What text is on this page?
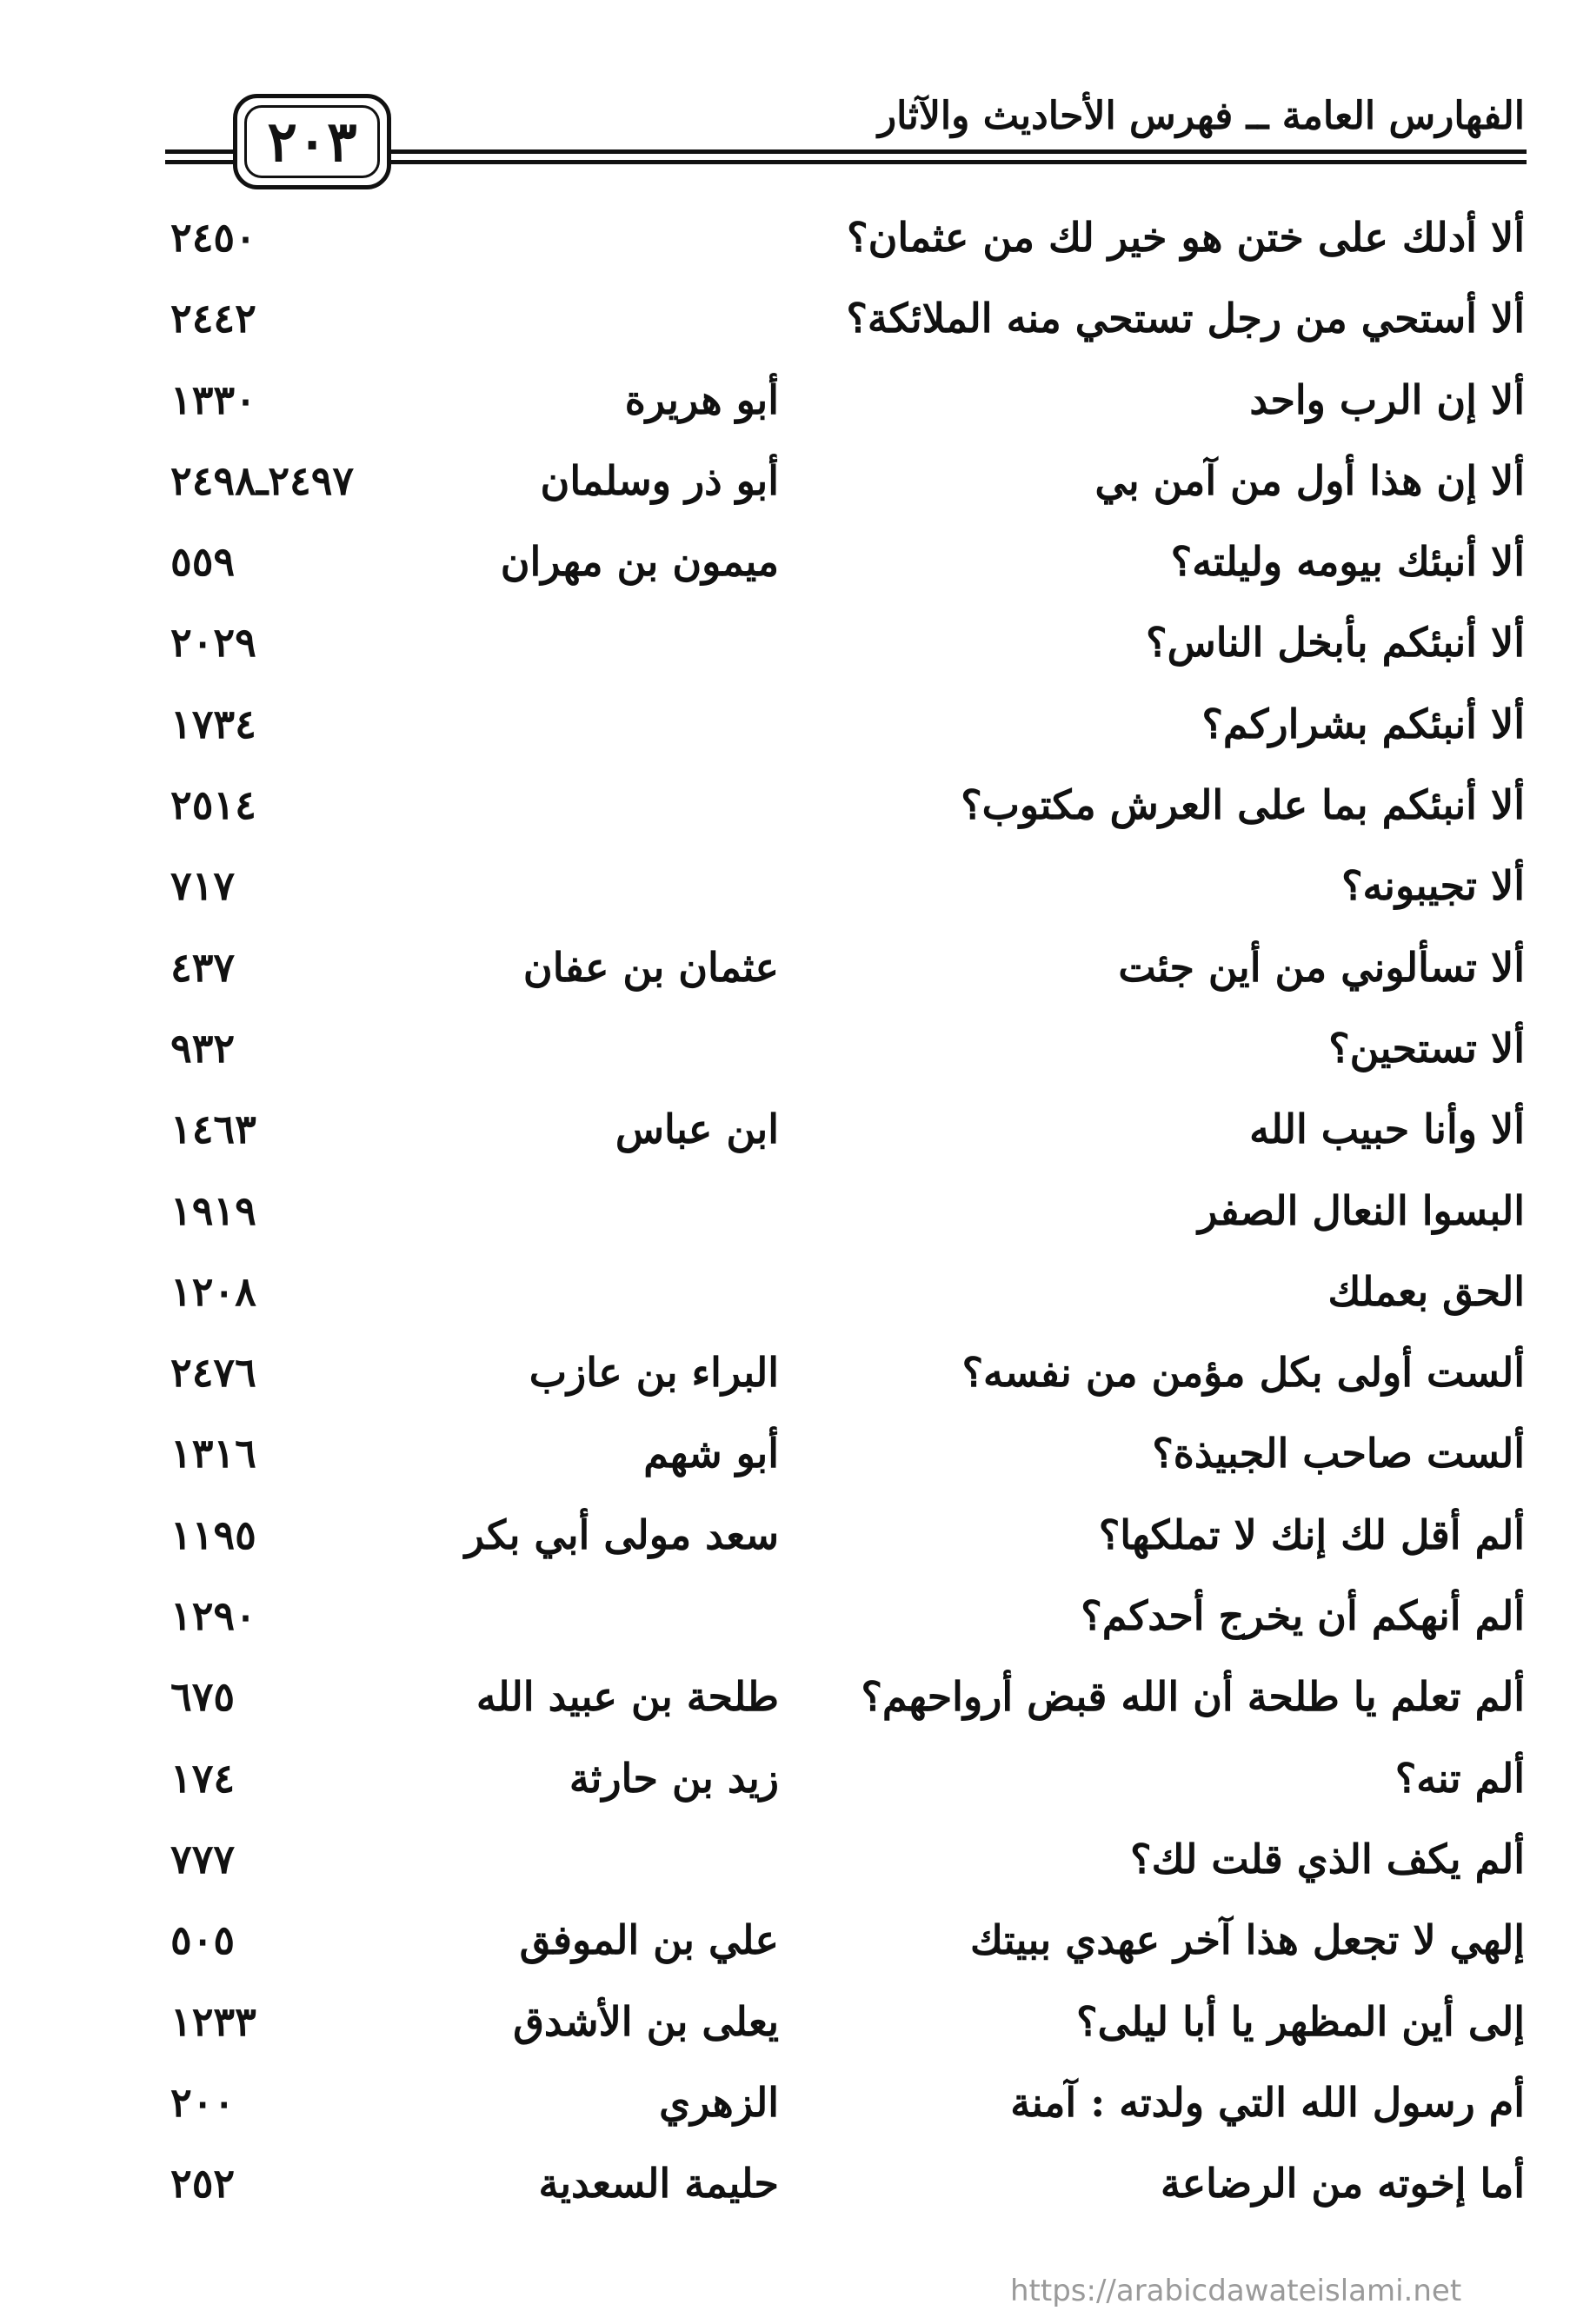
٢٠٣	الفهارس العامة ــ فهرس الأحاديث والآثار
ألا أدلك على ختن هو خير لك من عثمان؟
٢٤٥٠
ألا أستحي من رجل تستحي منه الملائكة؟
٢٤٤٢
ألا إن الرب واحد
أبو هريرة
١٣٣٠
ألا إن هذا أول من آمن بي
أبو ذر وسلمان
٢٤٩٧ـ٢٤٩٨
ألا أنبئك بيومه وليلته؟
ميمون بن مهران
٥٥٩
ألا أنبئكم بأبخل الناس؟
٢٠٢٩
ألا أنبئكم بشراركم؟
١٧٣٤
ألا أنبئكم بما على العرش مكتوب؟
٢٥١٤
ألا تجيبونه؟
٧١٧
ألا تسألوني من أين جئت
عثمان بن عفان
٤٣٧
ألا تستحين؟
٩٣٢
ألا وأنا حبيب الله
ابن عباس
١٤٦٣
البسوا النعال الصفر
١٩١٩
الحق بعملك
١٢٠٨
ألست أولى بكل مؤمن من نفسه؟
البراء بن عازب
٢٤٧٦
ألست صاحب الجبيذة؟
أبو شهم
١٣١٦
ألم أقل لك إنك لا تملكها؟
سعد مولى أبي بكر
١١٩٥
ألم أنهكم أن يخرج أحدكم؟
١٢٩٠
ألم تعلم يا طلحة أن الله قبض أرواحهم؟
طلحة بن عبيد الله
٦٧٥
ألم تنه؟
زيد بن حارثة
١٧٤
ألم يكف الذي قلت لك؟
٧٧٧
إلهي لا تجعل هذا آخر عهدي ببيتك
علي بن الموفق
٥٠٥
إلى أين المظهر يا أبا ليلى؟
يعلى بن الأشدق
١٢٣٣
أم رسول الله التي ولدته : آمنة
الزهري
٢٠٠
أما إخوته من الرضاعة
حليمة السعدية
٢٥٢
https://arabicdawateislami.net
